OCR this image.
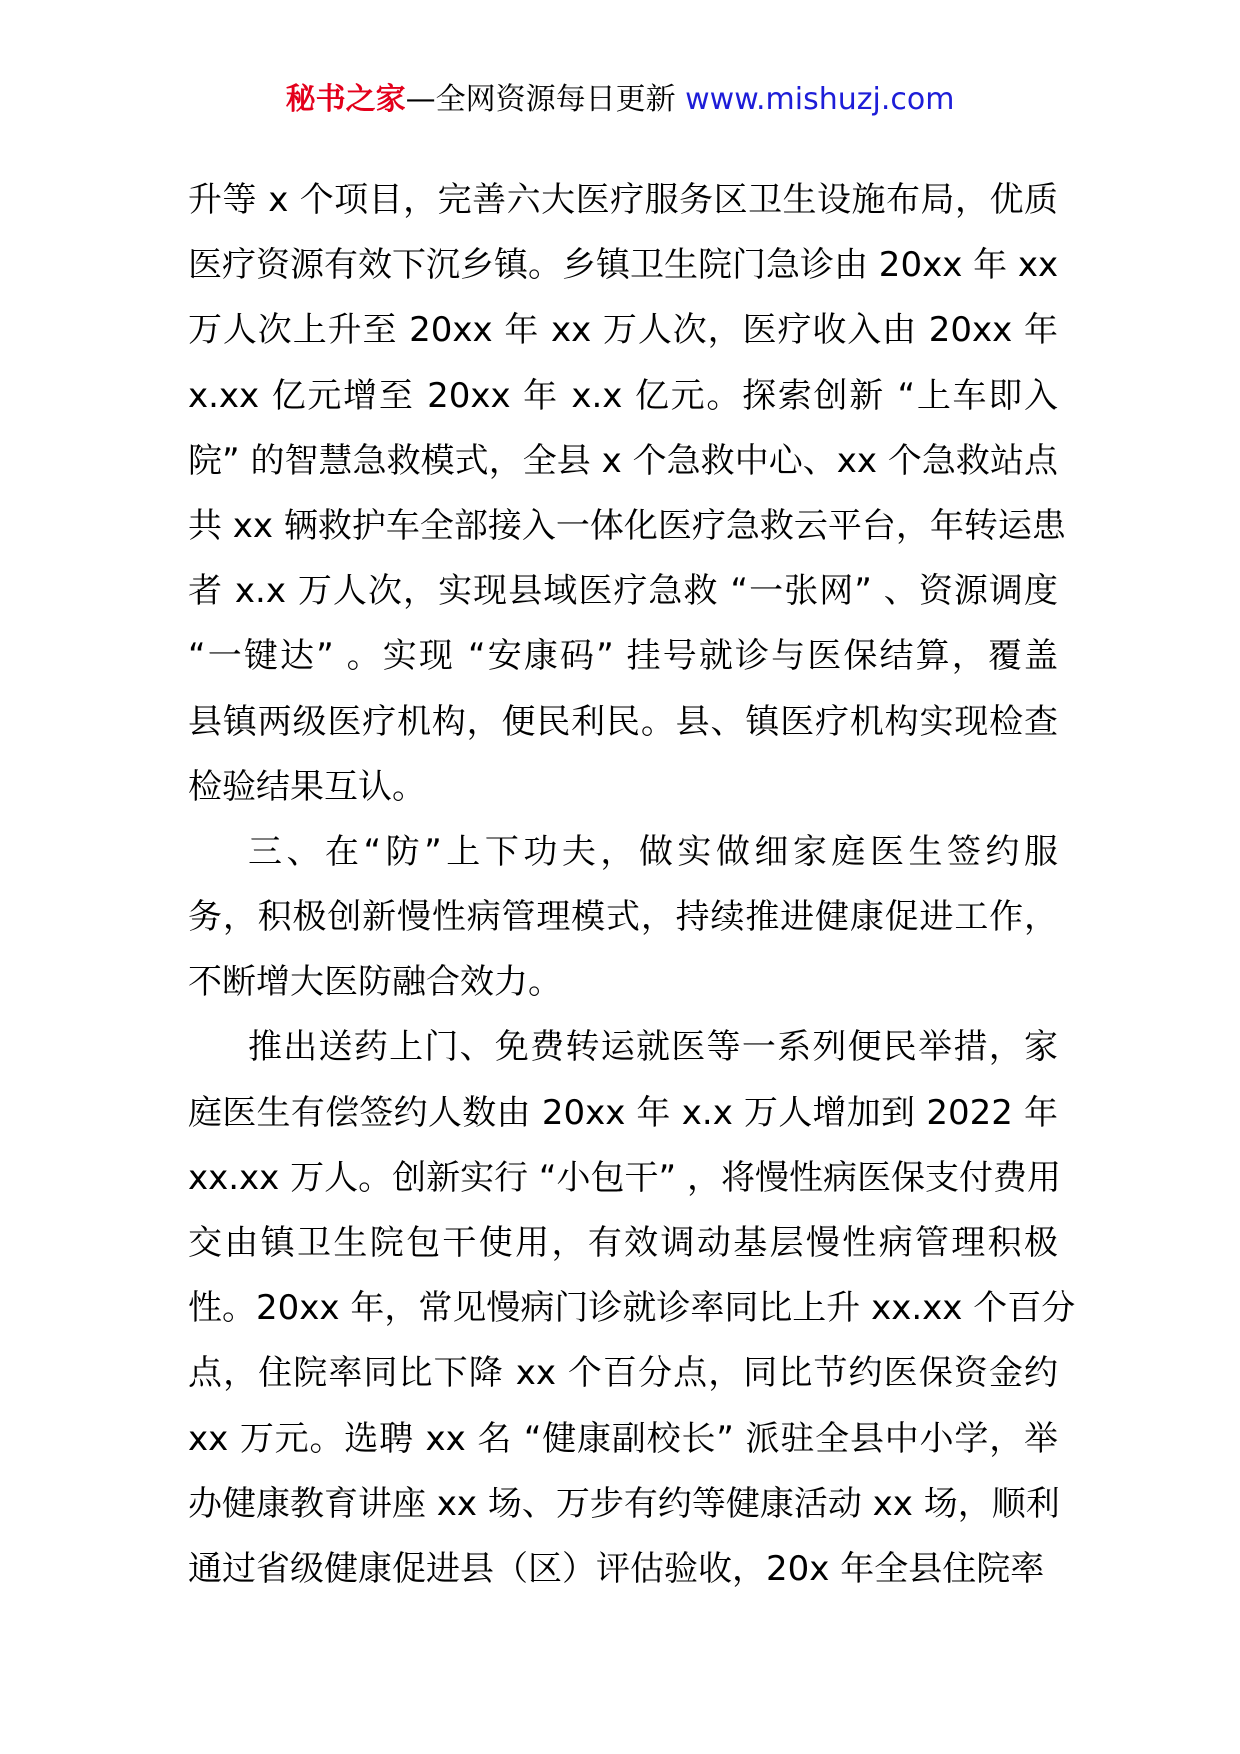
秘书之家—全网资源每日更新 www.mishuzj.com
升等 x 个项目，完善六大医疗服务区卫生设施布局，优质
医疗资源有效下沉乡镇。乡镇卫生院门急诊由 20xx 年 xx
万人次上升至 20xx 年 xx 万人次，医疗收入由 20xx 年
x.xx 亿元增至 20xx 年 x.x 亿元。探索创新 “上车即入
院” 的智慧急救模式，全县 x 个急救中心、xx 个急救站点
共 xx 辆救护车全部接入一体化医疗急救云平台，年转运患
者 x.x 万人次，实现县域医疗急救 “一张网” 、资源调度
“一键达” 。实现 “安康码” 挂号就诊与医保结算，覆盖
县镇两级医疗机构，便民利民。县、镇医疗机构实现检查
检验结果互认。
三、在“防”上下功夫，做实做细家庭医生签约服
务，积极创新慢性病管理模式，持续推进健康促进工作，
不断增大医防融合效力。
推出送药上门、免费转运就医等一系列便民举措，家
庭医生有偿签约人数由 20xx 年 x.x 万人增加到 2022 年
xx.xx 万人。创新实行 “小包干” ，将慢性病医保支付费用
交由镇卫生院包干使用，有效调动基层慢性病管理积极
性。20xx 年，常见慢病门诊就诊率同比上升 xx.xx 个百分
点，住院率同比下降 xx 个百分点，同比节约医保资金约
xx 万元。选聘 xx 名 “健康副校长” 派驻全县中小学，举
办健康教育讲座 xx 场、万步有约等健康活动 xx 场，顺利
通过省级健康促进县（区）评估验收，20x 年全县住院率
